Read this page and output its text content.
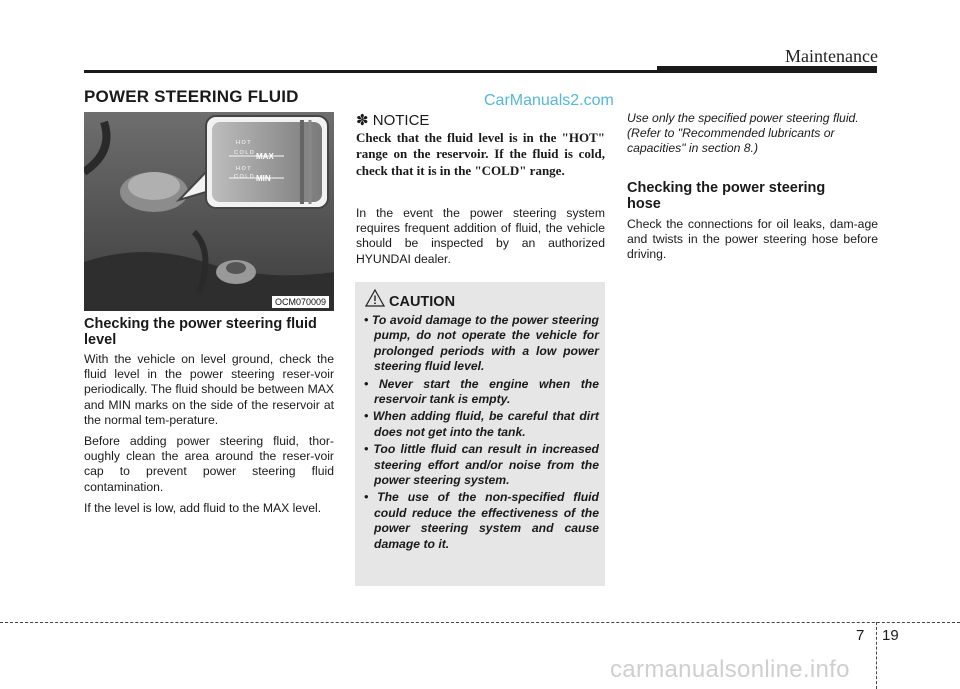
Maintenance
POWER STEERING FLUID	CarManuals2.com
H O T
C O L D MAX
H O T
C O L D MIN
OCM070009
Checking the power steering fluid level

With the vehicle on level ground, check the fluid level in the power steering reser-voir periodically. The fluid should be between MAX and MIN marks on the side of the reservoir at the normal tem-perature.

Before adding power steering fluid, thor-oughly clean the area around the reser-voir cap to prevent power steering fluid contamination.

If the level is low, add fluid to the MAX level.

✽ NOTICE
Check that the fluid level is in the "HOT" range on the reservoir. If the fluid is cold, check that it is in the "COLD" range.
In the event the power steering system requires frequent addition of fluid, the vehicle should be inspected by an authorized HYUNDAI dealer.
CAUTION
• To avoid damage to the power steering pump, do not operate the vehicle for prolonged periods with a low power steering fluid level.
• Never start the engine when the reservoir tank is empty.
• When adding fluid, be careful that dirt does not get into the tank.
• Too little fluid can result in increased steering effort and/or noise from the power steering system.
• The use of the non-specified fluid could reduce the effectiveness of the power steering system and cause damage to it.
Use only the specified power steering fluid. (Refer to "Recommended lubricants or capacities" in section 8.)
Checking the power steering hose
Check the connections for oil leaks, dam-age and twists in the power steering hose before driving.
7 19
carmanualsonline.info
